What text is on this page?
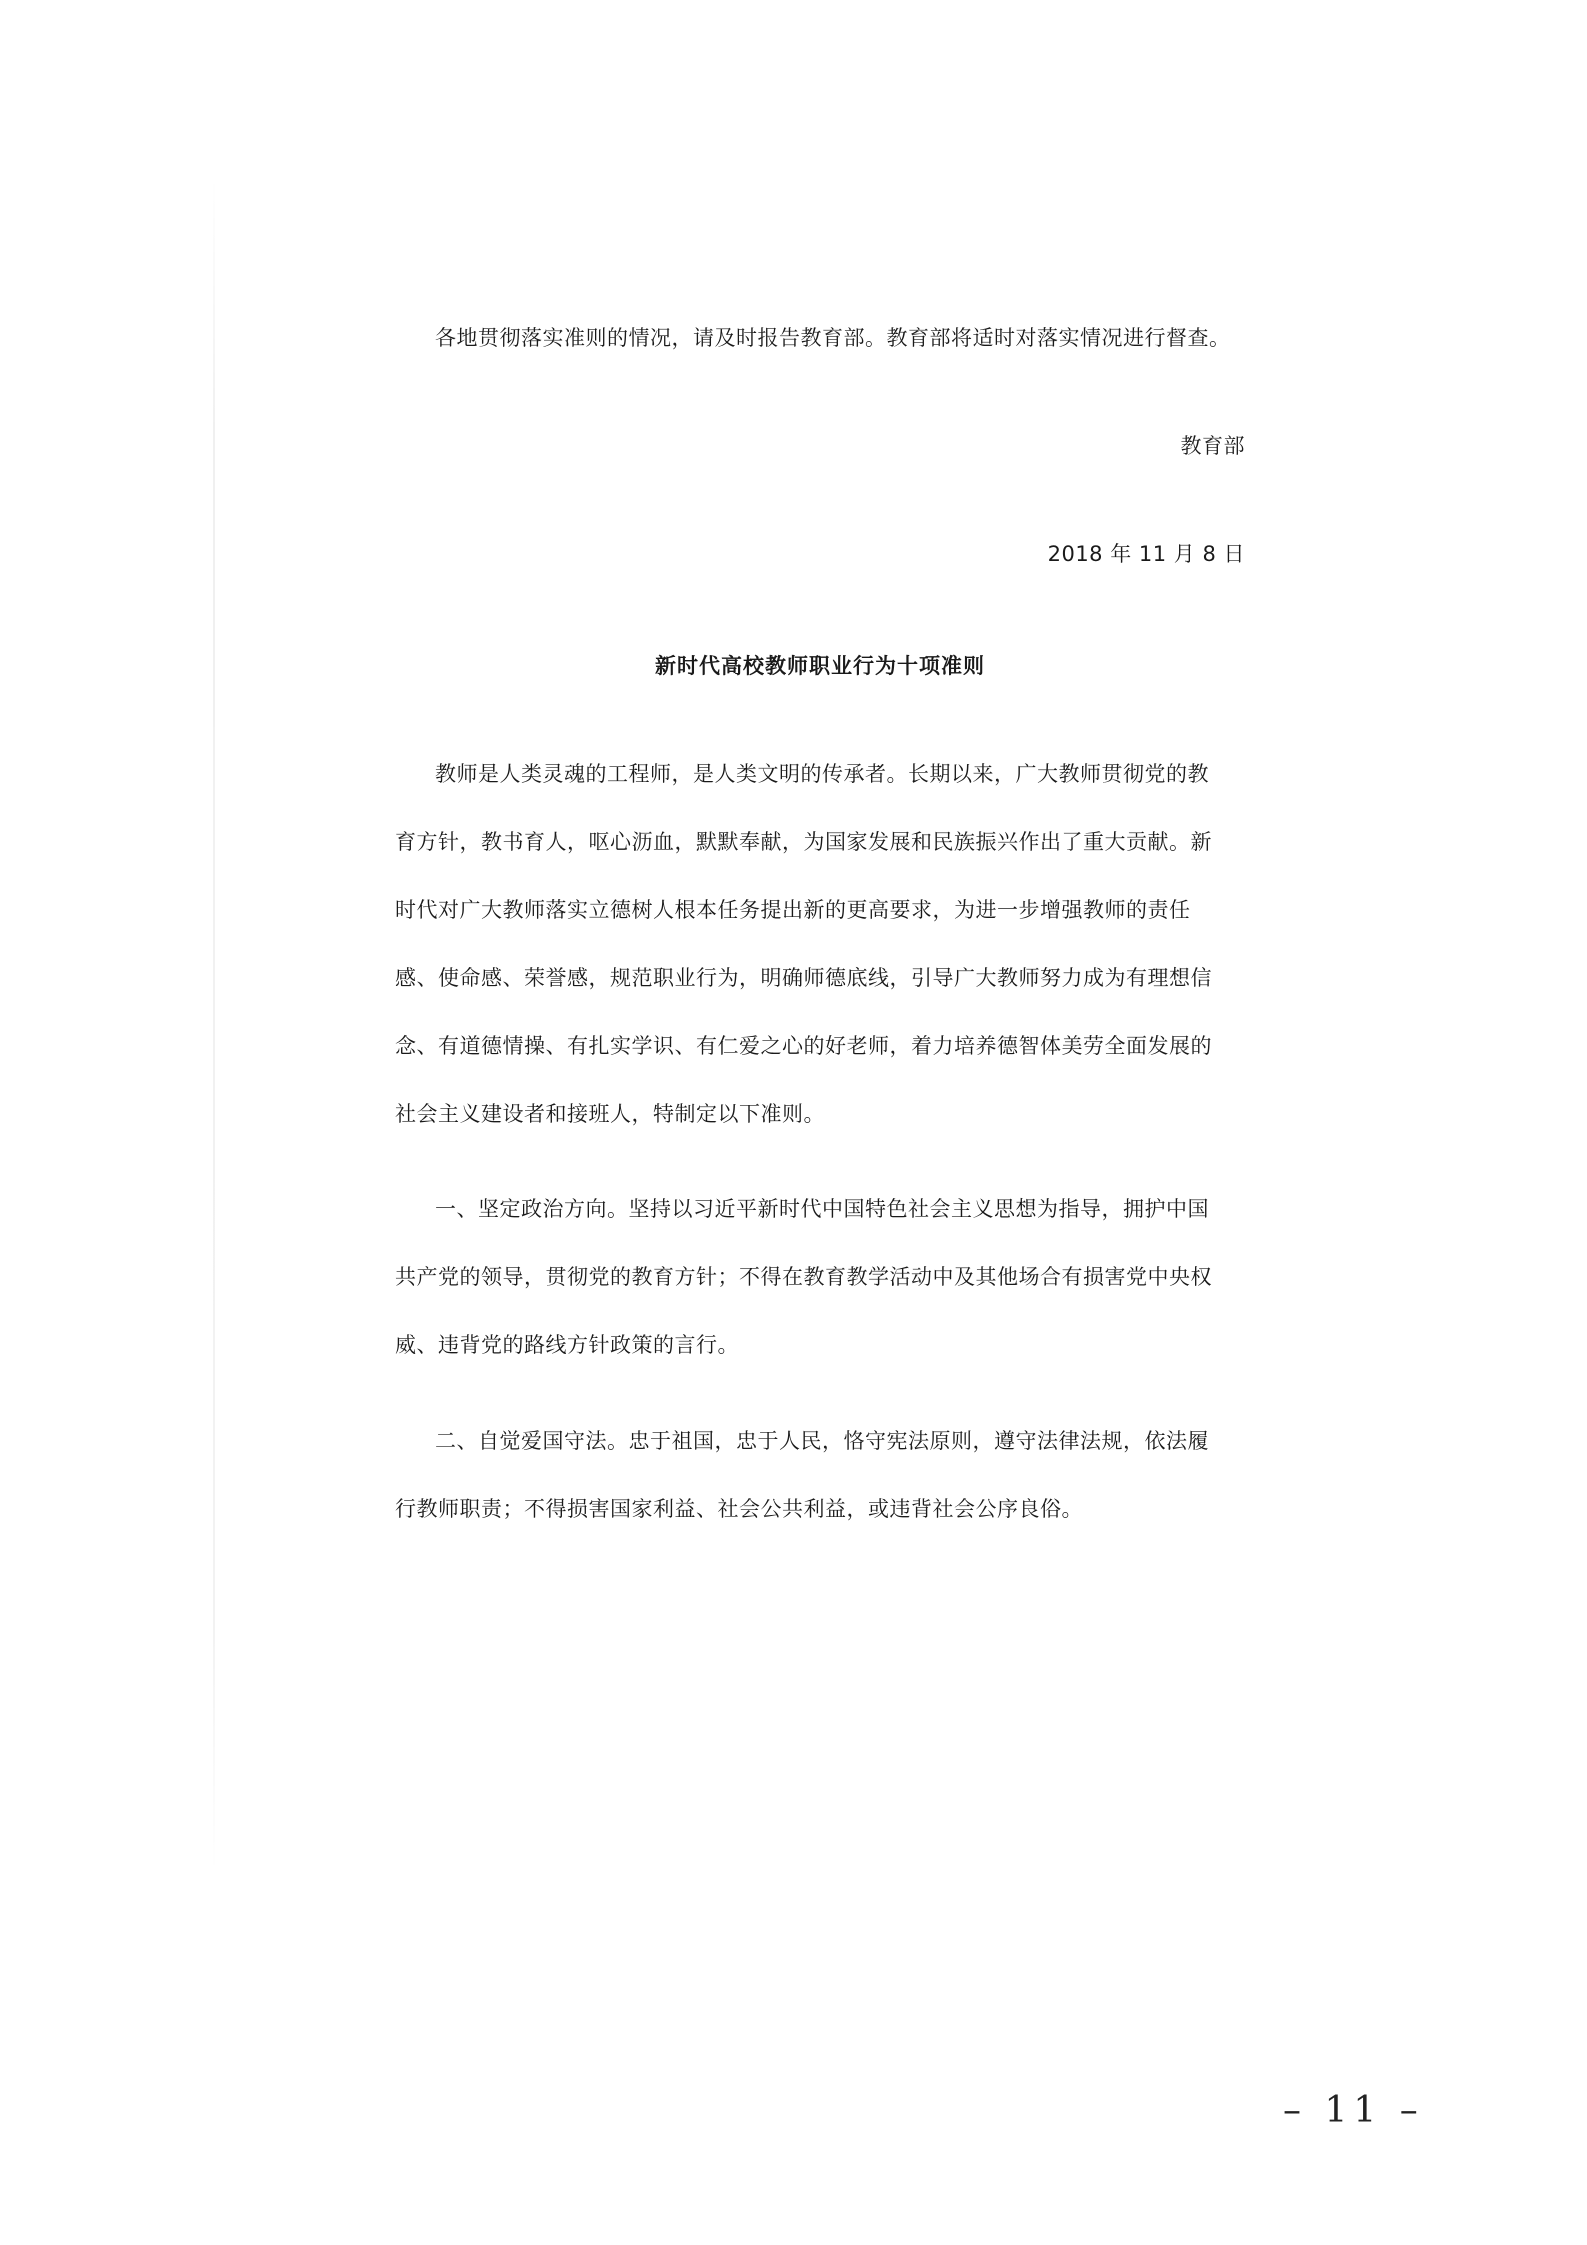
各地贯彻落实准则的情况，请及时报告教育部。教育部将适时对落实情况进行督查。
教育部
2018 年 11 月 8 日
新时代高校教师职业行为十项准则
教师是人类灵魂的工程师，是人类文明的传承者。长期以来，广大教师贯彻党的教
育方针，教书育人，呕心沥血，默默奉献，为国家发展和民族振兴作出了重大贡献。新
时代对广大教师落实立德树人根本任务提出新的更高要求，为进一步增强教师的责任
感、使命感、荣誉感，规范职业行为，明确师德底线，引导广大教师努力成为有理想信
念、有道德情操、有扎实学识、有仁爱之心的好老师，着力培养德智体美劳全面发展的
社会主义建设者和接班人，特制定以下准则。
一、坚定政治方向。坚持以习近平新时代中国特色社会主义思想为指导，拥护中国
共产党的领导，贯彻党的教育方针；不得在教育教学活动中及其他场合有损害党中央权
威、违背党的路线方针政策的言行。
二、自觉爱国守法。忠于祖国，忠于人民，恪守宪法原则，遵守法律法规，依法履
行教师职责；不得损害国家利益、社会公共利益，或违背社会公序良俗。
– 11 –
